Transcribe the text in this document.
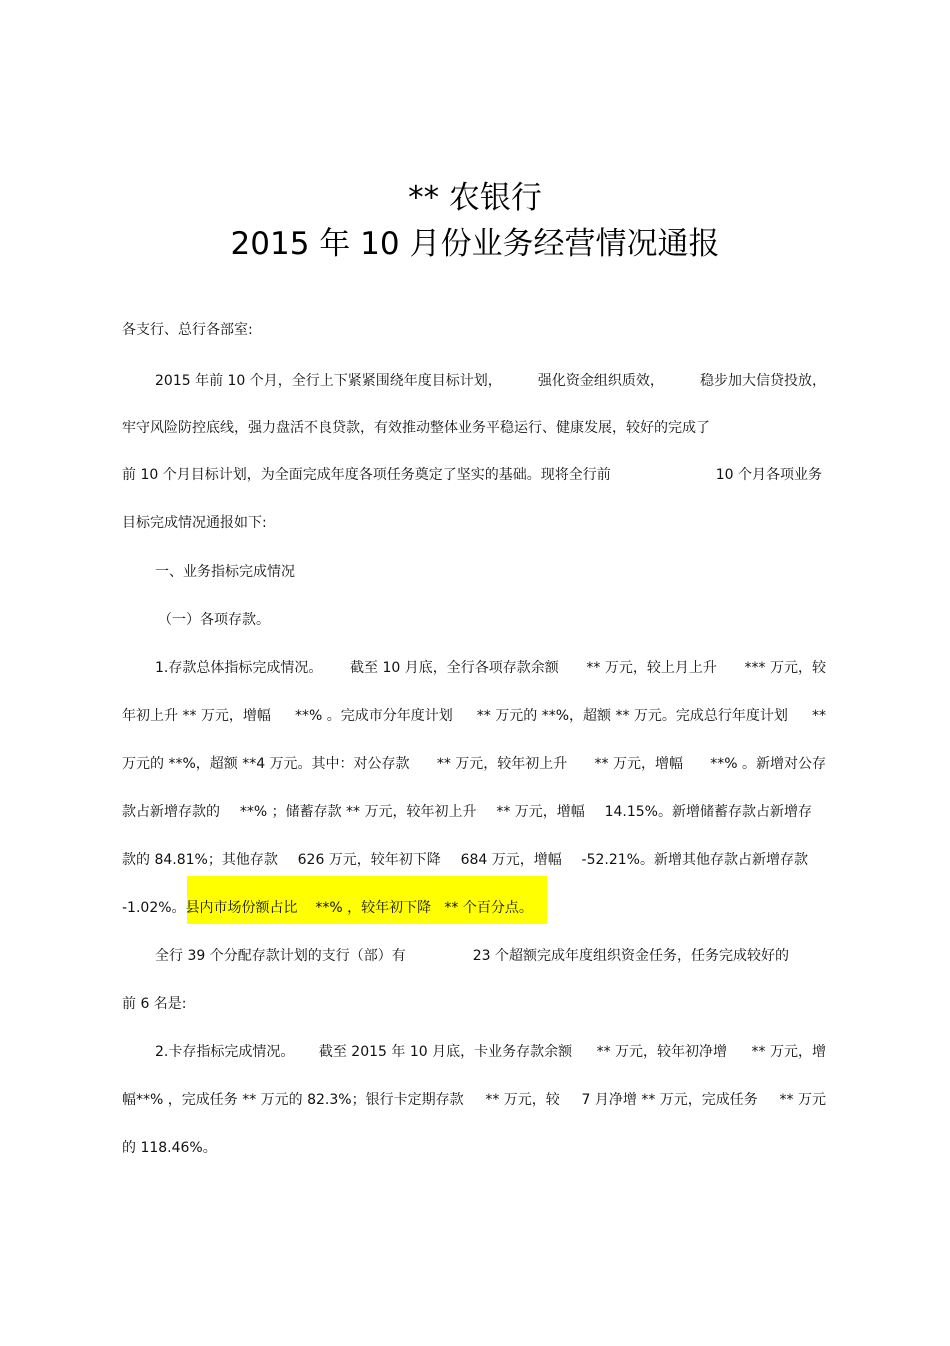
** 农银行
2015 年 10 月份业务经营情况通报
各支行、总行各部室:
2015 年前 10 个月，全行上下紧紧围绕年度目标计划，	强化资金组织质效，	稳步加大信贷投放，
牢守风险防控底线，强力盘活不良贷款，有效推动整体业务平稳运行、健康发展，较好的完成了
前 10 个月目标计划，为全面完成年度各项任务奠定了坚实的基础。现将全行前	10 个月各项业务
目标完成情况通报如下:
一、业务指标完成情况
（一）各项存款。
1.存款总体指标完成情况。 截至 10 月底，全行各项存款余额 ** 万元，较上月上升 *** 万元，较
年初上升 ** 万元，增幅 **% 。完成市分年度计划 ** 万元的 **%，超额 ** 万元。完成总行年度计划 **
万元的 **%，超额 **4 万元。其中：对公存款 ** 万元，较年初上升 ** 万元，增幅 **% 。新增对公存
款占新增存款的 **% ；储蓄存款 ** 万元，较年初上升 ** 万元，增幅 14.15%。新增储蓄存款占新增存
款的 84.81%；其他存款 626 万元，较年初下降 684 万元，增幅 -52.21%。新增其他存款占新增存款
-1.02%。县内市场份额占比    **% ，较年初下降   ** 个百分点。
全行 39 个分配存款计划的支行（部）有	23 个超额完成年度组织资金任务，任务完成较好的
前 6 名是:
2.卡存指标完成情况。 截至 2015 年 10 月底，卡业务存款余额 ** 万元，较年初净增 ** 万元，增
幅**% ，完成任务 ** 万元的 82.3%；银行卡定期存款 ** 万元，较 7 月净增 ** 万元，完成任务 ** 万元
的 118.46%。
